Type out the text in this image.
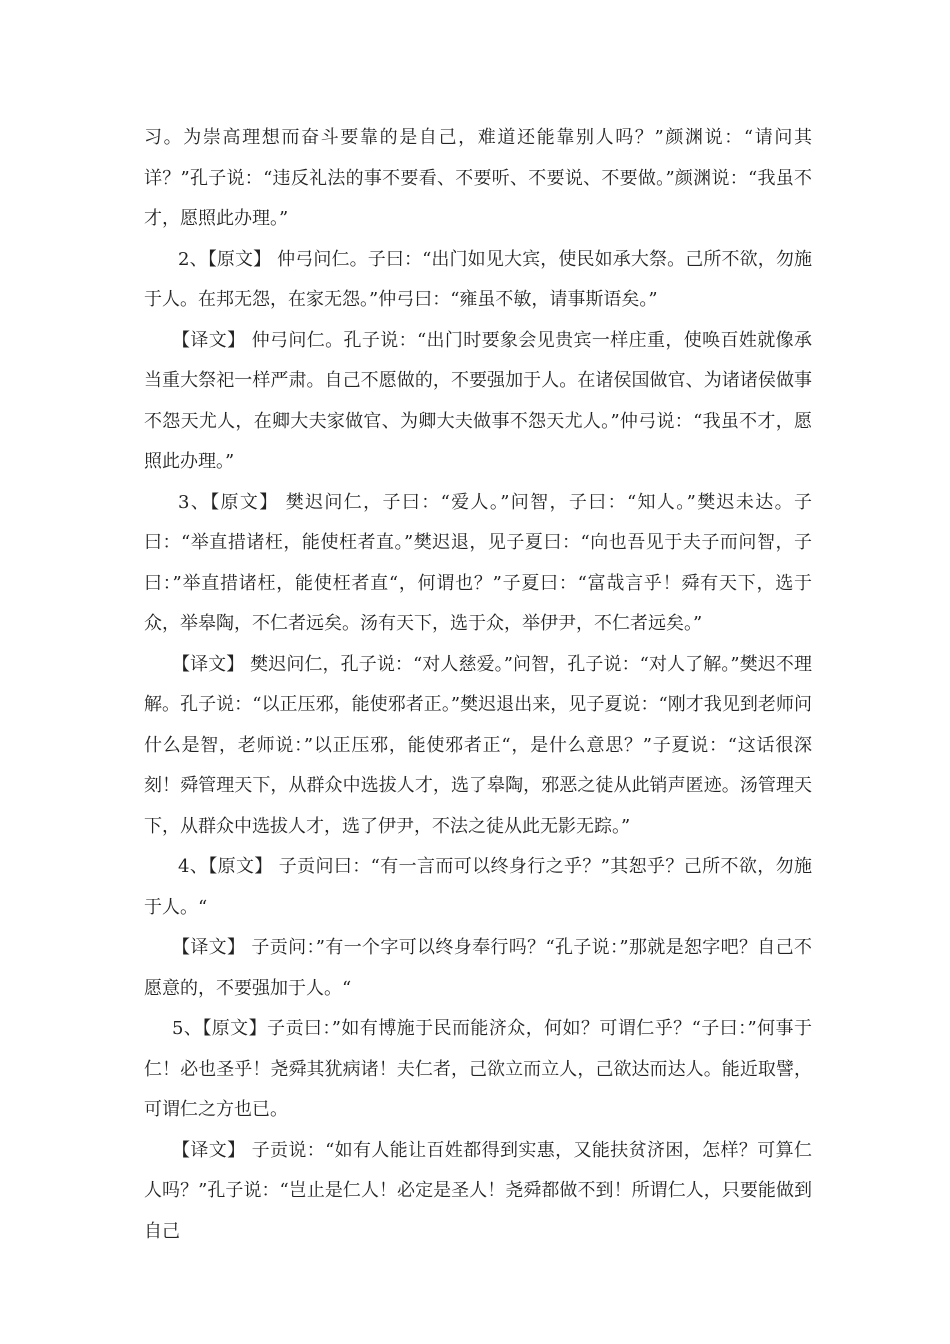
习。为崇高理想而奋斗要靠的是自己，难道还能靠别人吗？”颜渊说：“请问其详？”孔子说：“违反礼法的事不要看、不要听、不要说、不要做。”颜渊说：“我虽不才，愿照此办理。”

2、【原文】 仲弓问仁。子曰：“出门如见大宾，使民如承大祭。己所不欲，勿施于人。在邦无怨，在家无怨。”仲弓曰：“雍虽不敏，请事斯语矣。”

【译文】 仲弓问仁。孔子说：“出门时要象会见贵宾一样庄重，使唤百姓就像承当重大祭祀一样严肃。自己不愿做的，不要强加于人。在诸侯国做官、为诸诸侯做事不怨天尤人，在卿大夫家做官、为卿大夫做事不怨天尤人。”仲弓说：“我虽不才，愿照此办理。”

3、【原文】 樊迟问仁，子曰：“爱人。”问智，子曰：“知人。”樊迟未达。子曰：“举直措诸枉，能使枉者直。”樊迟退，见子夏曰：“向也吾见于夫子而问智，子曰：”举直措诸枉，能使枉者直“，何谓也？”子夏曰：“富哉言乎！舜有天下，选于众，举皋陶，不仁者远矣。汤有天下，选于众，举伊尹，不仁者远矣。”

【译文】 樊迟问仁，孔子说：“对人慈爱。”问智，孔子说：“对人了解。”樊迟不理解。孔子说：“以正压邪，能使邪者正。”樊迟退出来，见子夏说：“刚才我见到老师问什么是智，老师说：”以正压邪，能使邪者正“，是什么意思？”子夏说：“这话很深刻！舜管理天下，从群众中选拔人才，选了皋陶，邪恶之徒从此销声匿迹。汤管理天下，从群众中选拔人才，选了伊尹，不法之徒从此无影无踪。”

4、【原文】 子贡问曰：“有一言而可以终身行之乎？”其恕乎？己所不欲，勿施于人。“

【译文】 子贡问：”有一个字可以终身奉行吗？“孔子说：”那就是恕字吧？自己不愿意的，不要强加于人。“

5、【原文】子贡曰：”如有博施于民而能济众，何如？可谓仁乎？“子曰：”何事于仁！必也圣乎！尧舜其犹病诸！夫仁者，己欲立而立人，己欲达而达人。能近取譬，可谓仁之方也已。

【译文】 子贡说：“如有人能让百姓都得到实惠，又能扶贫济困，怎样？可算仁人吗？”孔子说：“岂止是仁人！必定是圣人！尧舜都做不到！所谓仁人，只要能做到自己
